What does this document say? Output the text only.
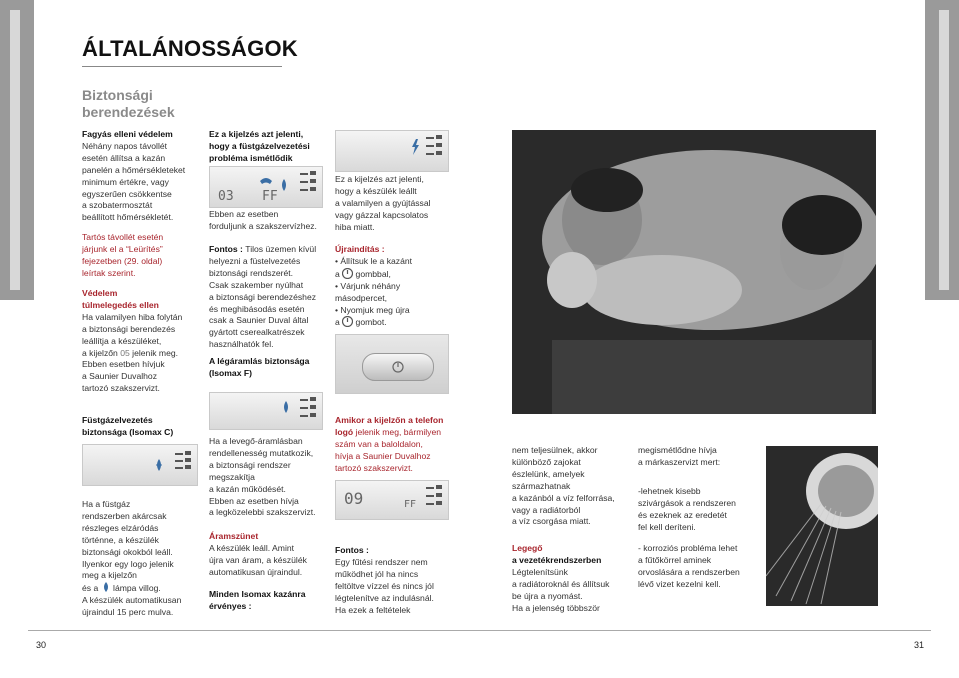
ÁLTALÁNOSSÁGOK
Biztonsági
berendezések
Fagyás elleni védelem
Néhány napos távollét
esetén állítsa a kazán
panelén a hőmérsékleteket
minimum értékre, vagy
egyszerűen csökkentse
a szobatermosztát
beállított hőmérsékletét.
Tartós távollét esetén
járjunk el a “Leürítés”
fejezetben (29. oldal)
leírtak szerint.
Védelem
túlmelegedés ellen
Ha valamilyen hiba folytán
a biztonsági berendezés
leállítja a készüléket,
a kijelzőn 05 jelenik meg.
Ebben esetben hívjuk
a Saunier Duvalhoz
tartozó szakszervizt.
Füstgázelvezetés
biztonsága (Isomax C)
Ha a füstgáz
rendszerben akárcsak
részleges elzáródás
történne, a készülék
biztonsági okokból leáll.
Ilyenkor egy logo jelenik
meg a kijelzőn
és a  lámpa villog.
A készülék automatikusan
újraindul 15 perc mulva.
Ez a kijelzés azt jelenti,
hogy a füstgázelvezetési
probléma ismétlődik
03 FF
Ebben az esetben
forduljunk a szakszervízhez.
Fontos : Tilos üzemen kívül
helyezni a füstelvezetés
biztonsági rendszerét.
Csak szakember nyúlhat
a biztonsági berendezéshez
és meghibásodás esetén
csak a Saunier Duval által
gyártott cserealkatrészek
használhatók fel.
A légáramlás biztonsága
(Isomax F)
Ha a levegő-áramlásban
rendellenesség mutatkozik,
a biztonsági rendszer
megszakítja
a kazán működését.
Ebben az esetben hívja
a legközelebbi szakszervizt.
Áramszünet
A készülék leáll. Amint
újra van áram, a készülék
automatikusan újraindul.
Minden Isomax kazánra
érvényes :
Ez a kijelzés azt jelenti,
hogy a készülék leállt
a valamilyen a gyújtással
vagy gázzal kapcsolatos
hiba miatt.
Újraindítás :
• Állítsuk le a kazánt
a  gombbal,
• Várjunk néhány
másodpercet,
• Nyomjuk meg újra
a  gombot.
Amikor a kijelzőn a telefon
logó jelenik meg, bármilyen
szám van a baloldalon,
hívja a Saunier Duvalhoz
tartozó szakszervizt.
09	FF
Fontos :
Egy fűtési rendszer nem
működhet jól ha nincs
feltöltve vízzel és nincs jól
légtelenítve az indulásnál.
Ha ezek a feltételek
nem teljesülnek, akkor
különböző zajokat
észlelünk, amelyek
származhatnak
a kazánból a víz felforrása,
vagy a radiátorból
a víz csorgása miatt.
Legegő
a vezetékrendszerben
Légtelenítsünk
a radiátoroknál és állítsuk
be újra a nyomást.
Ha a jelenség többször
megismétlődne hívja
a márkaszervizt mert:
-lehetnek kisebb
szivárgások a rendszeren
és ezeknek az eredetét
fel kell deríteni.
- korroziós probléma lehet
a fűtőkörrel aminek
orvoslására a rendszerben
lévő vizet kezelni kell.
30	31
